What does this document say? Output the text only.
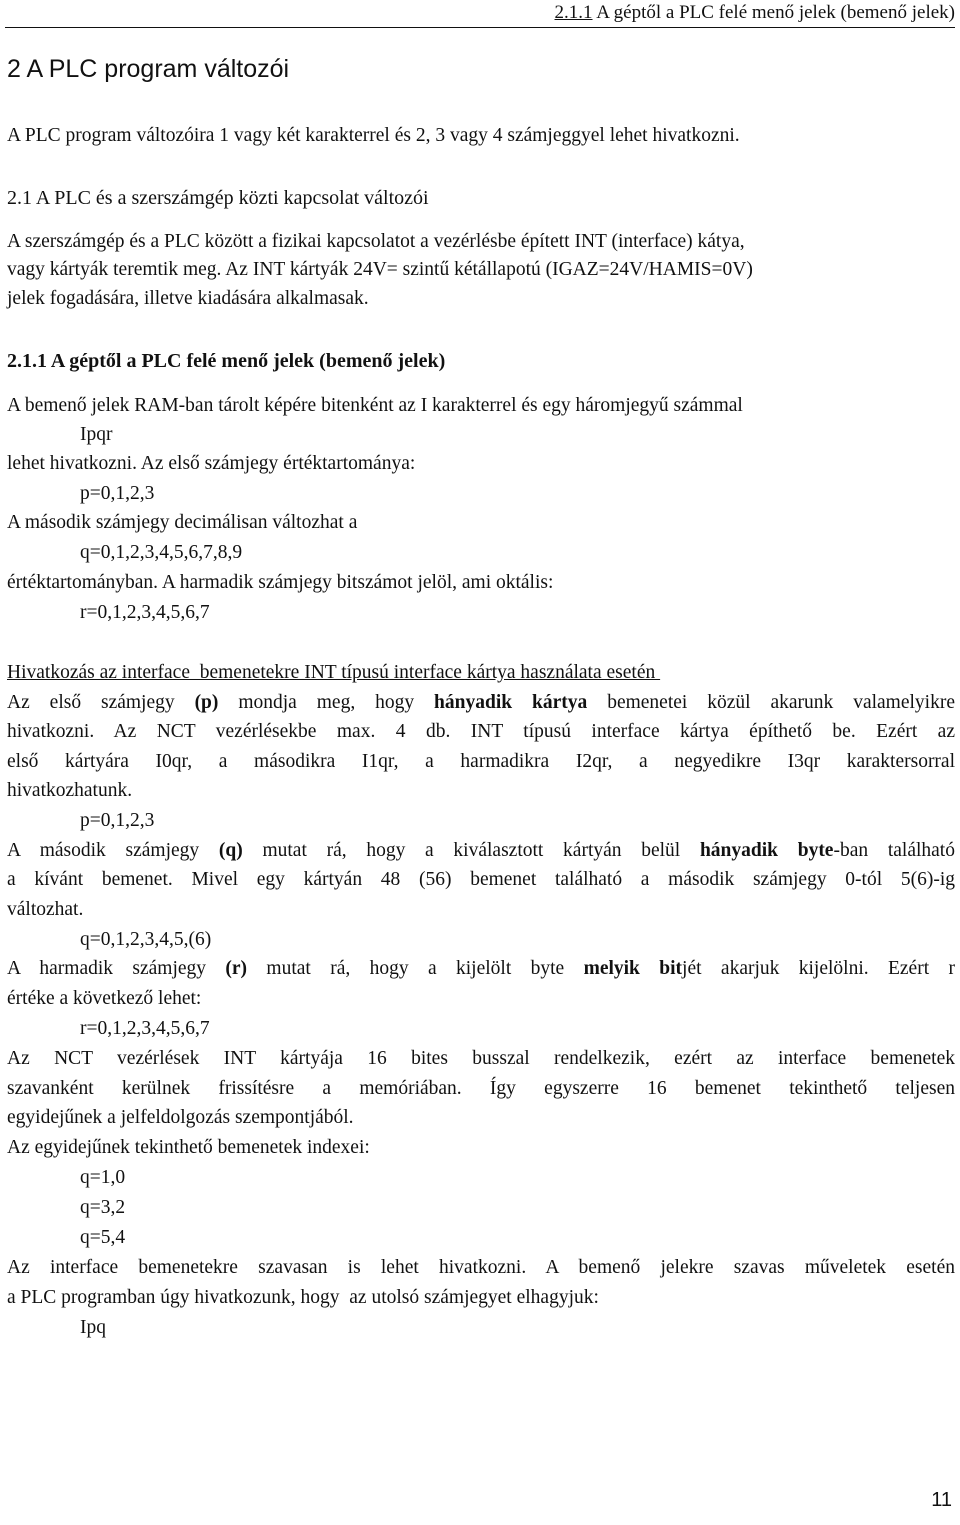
2.1.1 A géptől a PLC felé menő jelek (bemenő jelek)
2 A PLC program változói

A PLC program változóira 1 vagy két karakterrel és 2, 3 vagy 4 számjeggyel lehet hivatkozni.

2.1 A PLC és a szerszámgép közti kapcsolat változói

A szerszámgép és a PLC között a fizikai kapcsolatot a vezérlésbe épített INT (interface) kátya,

vagy kártyák teremtik meg. Az INT kártyák 24V= szintű kétállapotú (IGAZ=24V/HAMIS=0V)

jelek fogadására, illetve kiadására alkalmasak.

2.1.1 A géptől a PLC felé menő jelek (bemenő jelek)

A bemenő jelek RAM-ban tárolt képére bitenként az I karakterrel és egy háromjegyű számmal

Ipqr

lehet hivatkozni. Az első számjegy értéktartománya:

p=0,1,2,3

A második számjegy decimálisan változhat a

q=0,1,2,3,4,5,6,7,8,9

értéktartományban. A harmadik számjegy bitszámot jelöl, ami oktális:

r=0,1,2,3,4,5,6,7

Hivatkozás az interface  bemenetekre INT típusú interface kártya használata esetén

Az első számjegy (p) mondja meg, hogy hányadik kártya bemenetei közül akarunk valamelyikre

hivatkozni. Az NCT vezérlésekbe max. 4 db. INT típusú interface kártya építhető be. Ezért az

első kártyára I0qr, a másodikra I1qr, a harmadikra I2qr, a negyedikre I3qr karaktersorral

hivatkozhatunk.

p=0,1,2,3

A második számjegy (q) mutat rá, hogy a kiválasztott kártyán belül hányadik byte-ban található

a kívánt bemenet. Mivel egy kártyán 48 (56) bemenet található a második számjegy 0-tól 5(6)-ig

változhat.

q=0,1,2,3,4,5,(6)

A harmadik számjegy (r) mutat rá, hogy a kijelölt byte melyik bitjét akarjuk kijelölni. Ezért r

értéke a következő lehet:

r=0,1,2,3,4,5,6,7

Az NCT vezérlések INT kártyája 16 bites busszal rendelkezik, ezért az interface bemenetek

szavanként kerülnek frissítésre a memóriában. Így egyszerre 16 bemenet tekinthető teljesen

egyidejűnek a jelfeldolgozás szempontjából.

Az egyidejűnek tekinthető bemenetek indexei:

q=1,0

q=3,2

q=5,4

Az interface bemenetekre szavasan is lehet hivatkozni. A bemenő jelekre szavas műveletek esetén

a PLC programban úgy hivatkozunk, hogy  az utolsó számjegyet elhagyjuk:

Ipq

11
